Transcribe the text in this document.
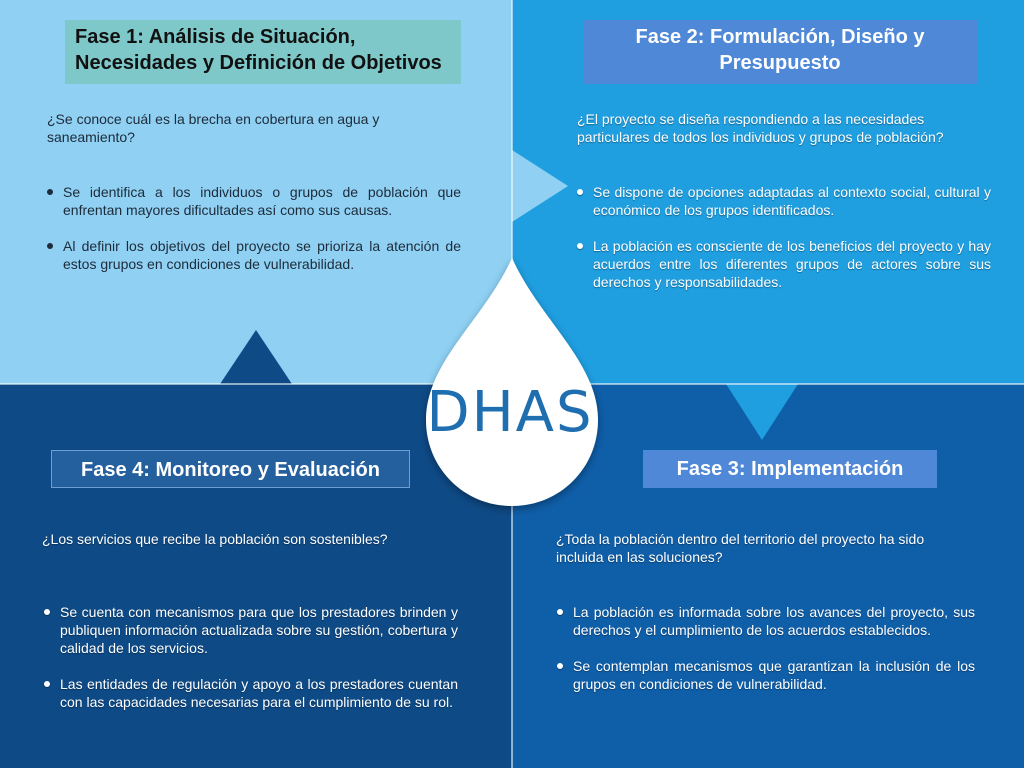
DHAS
Fase 1: Análisis de Situación,
Necesidades y Definición de Objetivos
¿Se conoce cuál es la brecha en cobertura en agua y saneamiento?
Se identifica a los individuos o grupos de población que enfrentan mayores dificultades así como sus causas.
Al definir los objetivos del proyecto se prioriza la atención de estos grupos en condiciones de vulnerabilidad.
Fase 2: Formulación, Diseño y
Presupuesto
¿El proyecto se diseña respondiendo a las necesidades particulares de todos los individuos y grupos de población?
Se dispone de opciones adaptadas al contexto social, cultural y económico de los grupos identificados.
La población es consciente de los beneficios del proyecto y hay acuerdos entre los diferentes grupos de actores sobre sus derechos y responsabilidades.
Fase 4: Monitoreo y Evaluación
¿Los servicios que recibe la población son sostenibles?
Se cuenta con mecanismos para que los prestadores brinden y publiquen información actualizada sobre su gestión, cobertura y calidad de los servicios.
Las entidades de regulación y apoyo a los prestadores cuentan con las capacidades necesarias para el cumplimiento de su rol.
Fase 3: Implementación
¿Toda la población dentro del territorio del proyecto ha sido incluida en las soluciones?
La población es informada sobre los avances del proyecto, sus derechos y el cumplimiento de los acuerdos establecidos.
Se contemplan mecanismos que garantizan la inclusión de los grupos en condiciones de vulnerabilidad.
